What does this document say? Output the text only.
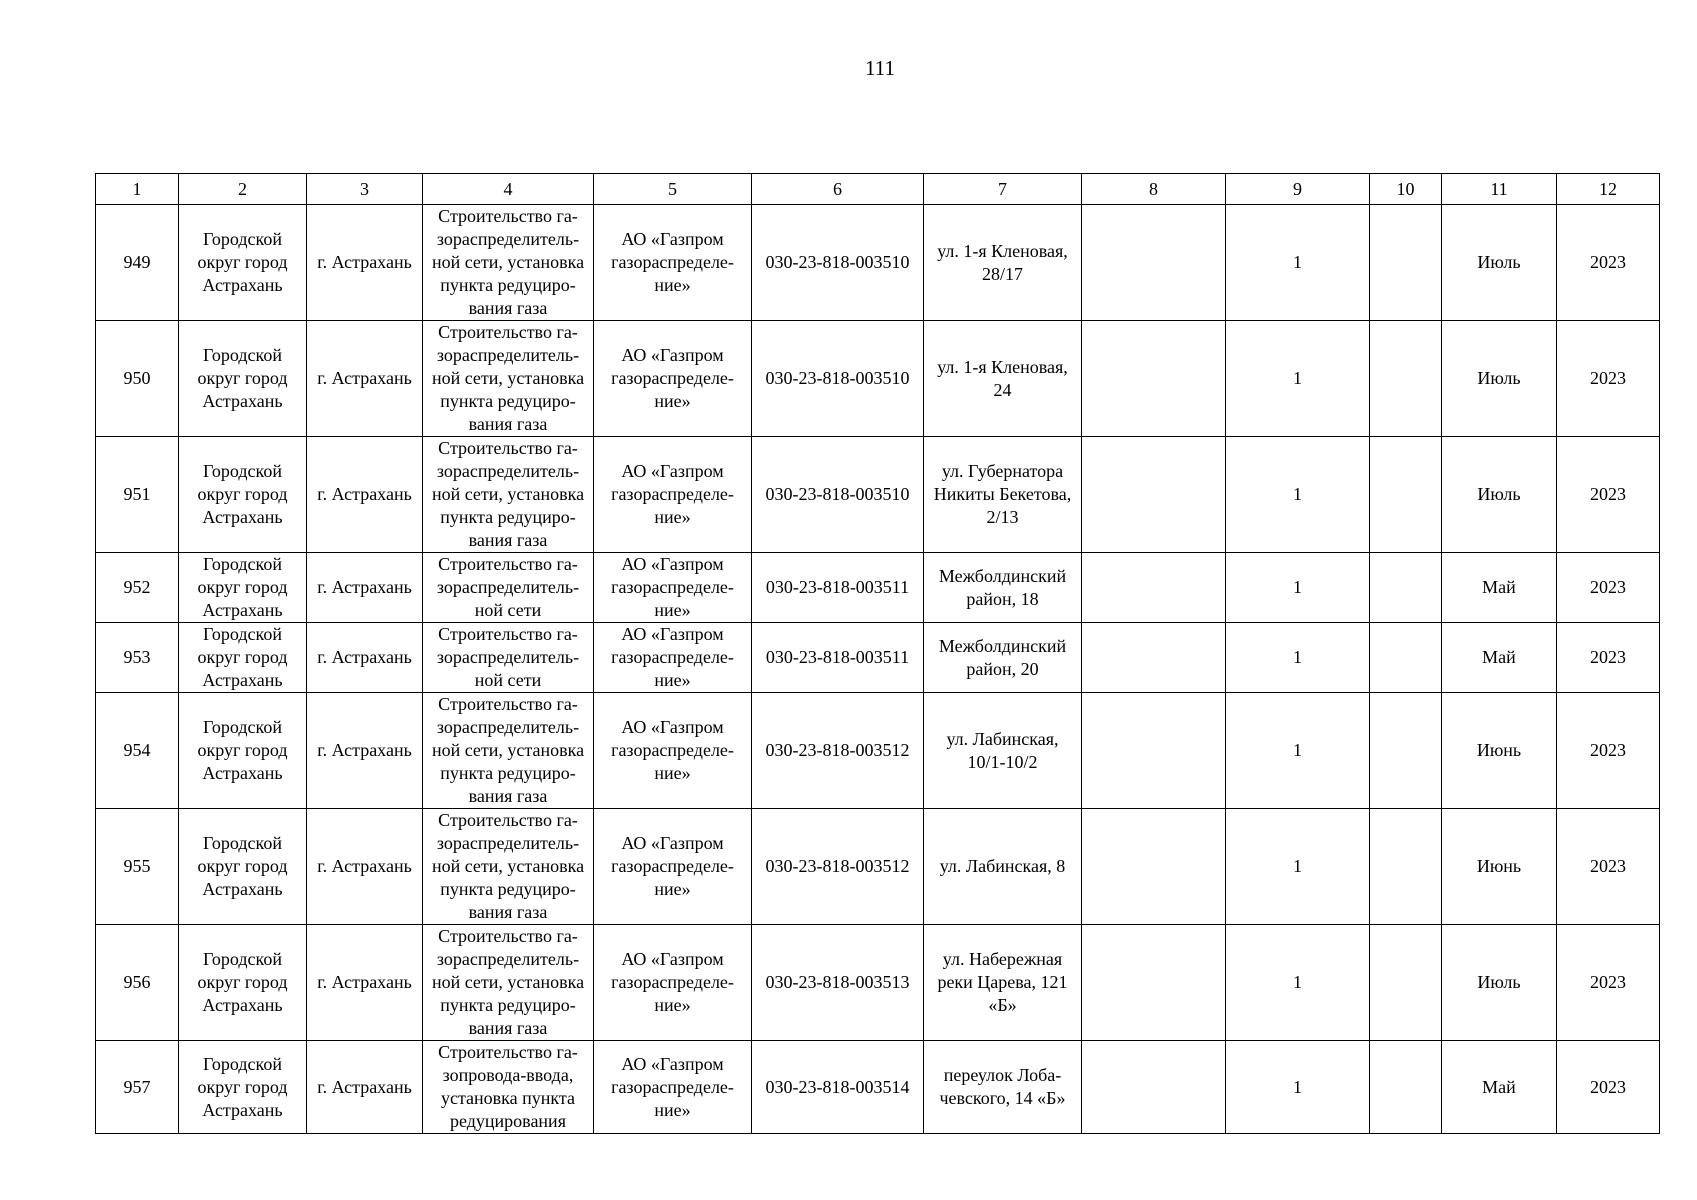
111
1	2	3	4	5	6	7	8	9	10	11	12
949	Городской
округ город
Астрахань	г. Астрахань	Строительство га-
зораспределитель-
ной сети, установка
пункта редуциро-
вания газа	АО «Газпром
газораспределе-
ние»	030-23-818-003510	ул. 1-я Кленовая,
28/17		1		Июль	2023
950	Городской
округ город
Астрахань	г. Астрахань	Строительство га-
зораспределитель-
ной сети, установка
пункта редуциро-
вания газа	АО «Газпром
газораспределе-
ние»	030-23-818-003510	ул. 1-я Кленовая,
24		1		Июль	2023
951	Городской
округ город
Астрахань	г. Астрахань	Строительство га-
зораспределитель-
ной сети, установка
пункта редуциро-
вания газа	АО «Газпром
газораспределе-
ние»	030-23-818-003510	ул. Губернатора
Никиты Бекетова,
2/13		1		Июль	2023
952	Городской
округ город
Астрахань	г. Астрахань	Строительство га-
зораспределитель-
ной сети	АО «Газпром
газораспределе-
ние»	030-23-818-003511	Межболдинский
район, 18		1		Май	2023
953	Городской
округ город
Астрахань	г. Астрахань	Строительство га-
зораспределитель-
ной сети	АО «Газпром
газораспределе-
ние»	030-23-818-003511	Межболдинский
район, 20		1		Май	2023
954	Городской
округ город
Астрахань	г. Астрахань	Строительство га-
зораспределитель-
ной сети, установка
пункта редуциро-
вания газа	АО «Газпром
газораспределе-
ние»	030-23-818-003512	ул. Лабинская,
10/1-10/2		1		Июнь	2023
955	Городской
округ город
Астрахань	г. Астрахань	Строительство га-
зораспределитель-
ной сети, установка
пункта редуциро-
вания газа	АО «Газпром
газораспределе-
ние»	030-23-818-003512	ул. Лабинская, 8		1		Июнь	2023
956	Городской
округ город
Астрахань	г. Астрахань	Строительство га-
зораспределитель-
ной сети, установка
пункта редуциро-
вания газа	АО «Газпром
газораспределе-
ние»	030-23-818-003513	ул. Набережная
реки Царева, 121
«Б»		1		Июль	2023
957	Городской
округ город
Астрахань	г. Астрахань	Строительство га-
зопровода-ввода,
установка пункта
редуцирования	АО «Газпром
газораспределе-
ние»	030-23-818-003514	переулок Лоба-
чевского, 14 «Б»		1		Май	2023
